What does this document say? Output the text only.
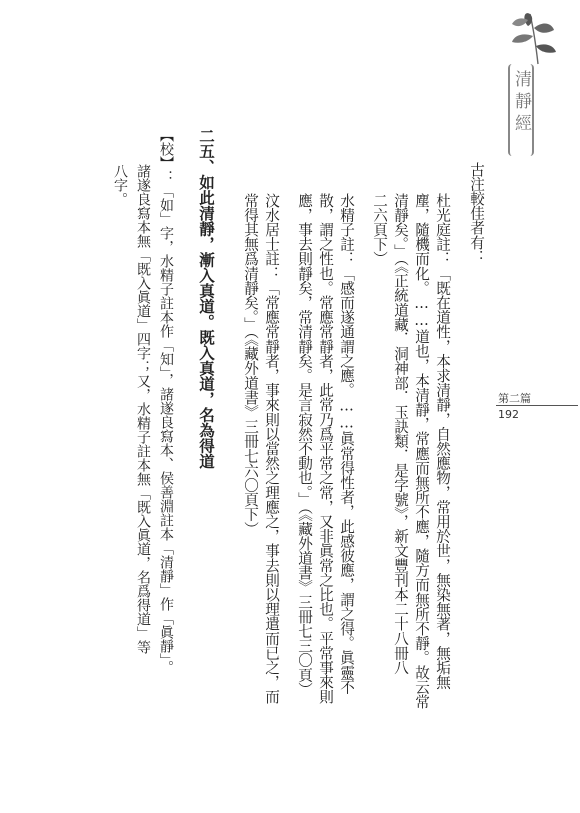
清靜經
第二篇
192
古注較佳者有：
杜光庭註：「既在道性，本求清靜，自然應物，常用於世，無染無著，無垢無
塵，隨機而化。……道也，本清靜，常應而無所不應，隨方而無所不靜。故云常
清靜矣。」（《正統道藏．洞神部．玉訣類．是字號》，新文豐刊本二十八冊八
二六頁下）
水精子註：「感而遂通謂之應。……眞常得性者，此感彼應，謂之得。眞靈不
散，謂之性也。常應常靜者，此常乃爲平常之常，又非眞常之比也。平常事來則
應，事去則靜矣，常清靜矣。是言寂然不動也。」（《藏外道書》三冊七三〇頁）
汶水居士註：「常應常靜者，事來則以當然之理應之，事去則以理遣而已之，而
常得其無爲清靜矣。」（《藏外道書》三冊七六〇頁下）
二五、如此清靜，漸入真道。既入真道，名為得道
【校】：「如」字，水精子註本作「知」，諸遂良寫本、侯善淵註本「清靜」作「眞靜」。
諸遂良寫本無「既入眞道」四字；又，水精子註本無「既入眞道，名爲得道」等
八字。
